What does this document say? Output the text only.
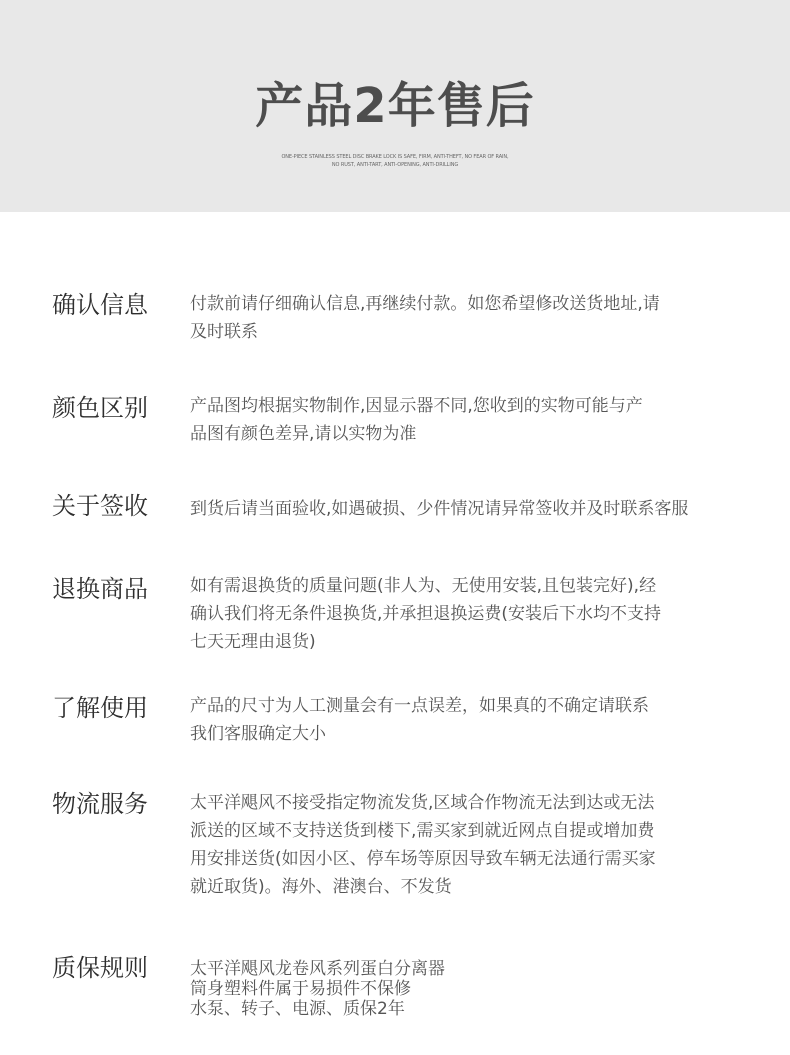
产品2年售后
ONE-PIECE STAINLESS STEEL DISC BRAKE LOCK IS SAFE, FIRM, ANTI-THEFT, NO FEAR OF RAIN,
NO RUST, ANTI-TART, ANTI-OPENING, ANTI-DRILLING
确认信息 付款前请仔细确认信息,再继续付款。如您希望修改送货地址,请
及时联系
颜色区别 产品图均根据实物制作,因显示器不同,您收到的实物可能与产
品图有颜色差异,请以实物为准
关于签收 到货后请当面验收,如遇破损、少件情况请异常签收并及时联系客服
退换商品 如有需退换货的质量问题(非人为、无使用安装,且包装完好),经
确认我们将无条件退换货,并承担退换运费(安装后下水均不支持
七天无理由退货)
了解使用 产品的尺寸为人工测量会有一点误差，如果真的不确定请联系
我们客服确定大小
物流服务 太平洋飓风不接受指定物流发货,区域合作物流无法到达或无法
派送的区域不支持送货到楼下,需买家到就近网点自提或增加费
用安排送货(如因小区、停车场等原因导致车辆无法通行需买家
就近取货)。海外、港澳台、不发货
质保规则 太平洋飓风龙卷风系列蛋白分离器
筒身塑料件属于易损件不保修
水泵、转子、电源、质保2年
